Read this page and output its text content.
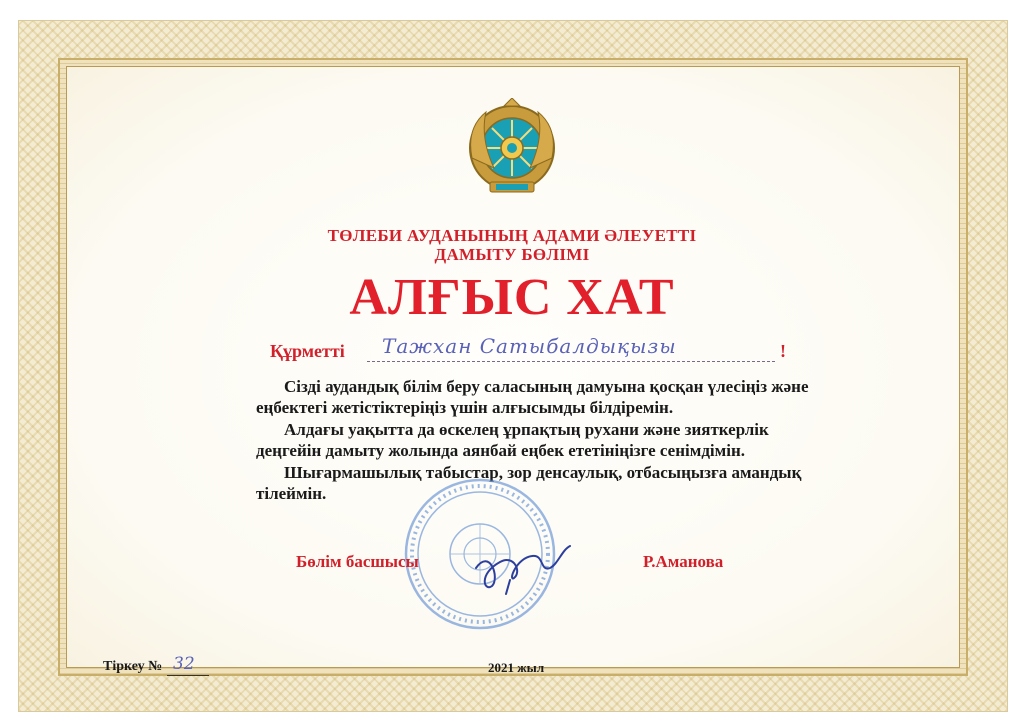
ТӨЛЕБИ АУДАНЫНЫҢ АДАМИ ӘЛЕУЕТТІ
ДАМЫТУ БӨЛІМІ
АЛҒЫС ХАТ
Құрметті Тажхан Сатыбалдықызы	!

Сізді аудандық білім беру саласының дамуына қосқан үлесіңіз және еңбектегі жетістіктеріңіз үшін алғысымды білдіремін.

Алдағы уақытта да өскелең ұрпақтың рухани және зияткерлік деңгейін дамыту жолында аянбай еңбек ететініңізге сенімдімін.

Шығармашылық табыстар, зор денсаулық, отбасыңызға амандық тілеймін.

Бөлім басшысы	Р.Аманова
Тіркеу № 32	2021 жыл
